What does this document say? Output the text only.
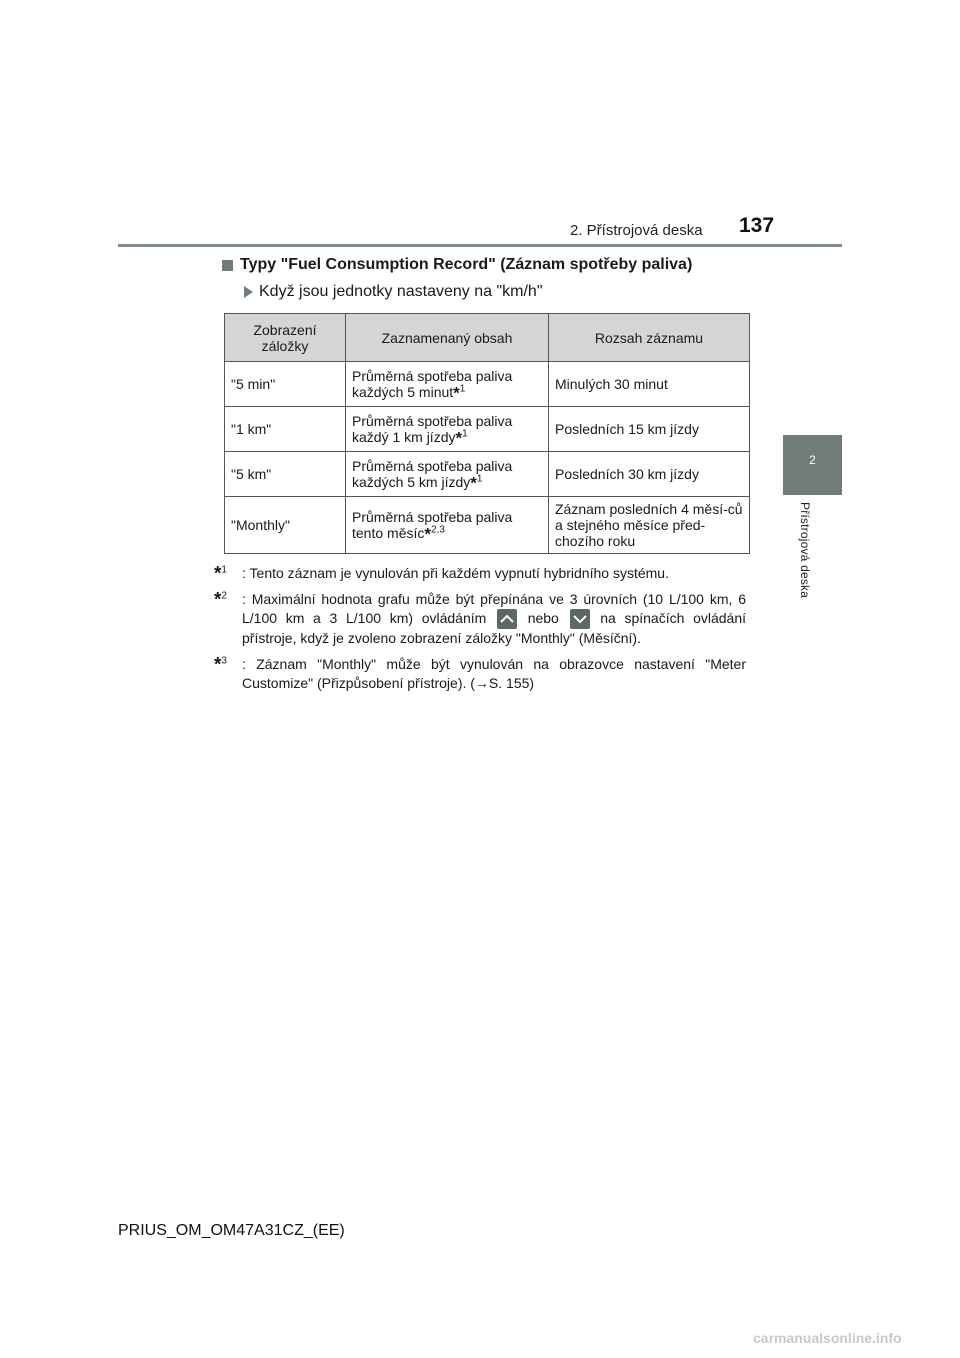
2. Přístrojová deska 137
2
Přístrojová deska
Typy "Fuel Consumption Record" (Záznam spotřeby paliva)
Když jsou jednotky nastaveny na "km/h"
Zobrazení záložky	Zaznamenaný obsah	Rozsah záznamu
"5 min"	Průměrná spotřeba paliva každých 5 minut*$^1$	Minulých 30 minut
"1 km"	Průměrná spotřeba paliva každý 1 km jízdy*$^1$	Posledních 15 km jízdy
"5 km"	Průměrná spotřeba paliva každých 5 km jízdy*$^1$	Posledních 30 km jízdy
"Monthly"	Průměrná spotřeba paliva tento měsíc*$^{2,3}$	Záznam posledních 4 měsí-ců a stejného měsíce před-chozího roku
*$^1$	: Tento záznam je vynulován při každém vypnutí hybridního systému.
*$^2$	: Maximální hodnota grafu může být přepínána ve 3 úrovních (10 L/100 km, 6 L/100 km a 3 L/100 km) ovládáním	nebo	na spínačích ovládání přístroje, když je zvoleno zobrazení záložky "Monthly" (Měsíční).
*$^3$	: Záznam "Monthly" může být vynulován na obrazovce nastavení "Meter Customize" (Přizpůsobení přístroje). (→S. 155)
PRIUS_OM_OM47A31CZ_(EE)
carmanualsonline.info
